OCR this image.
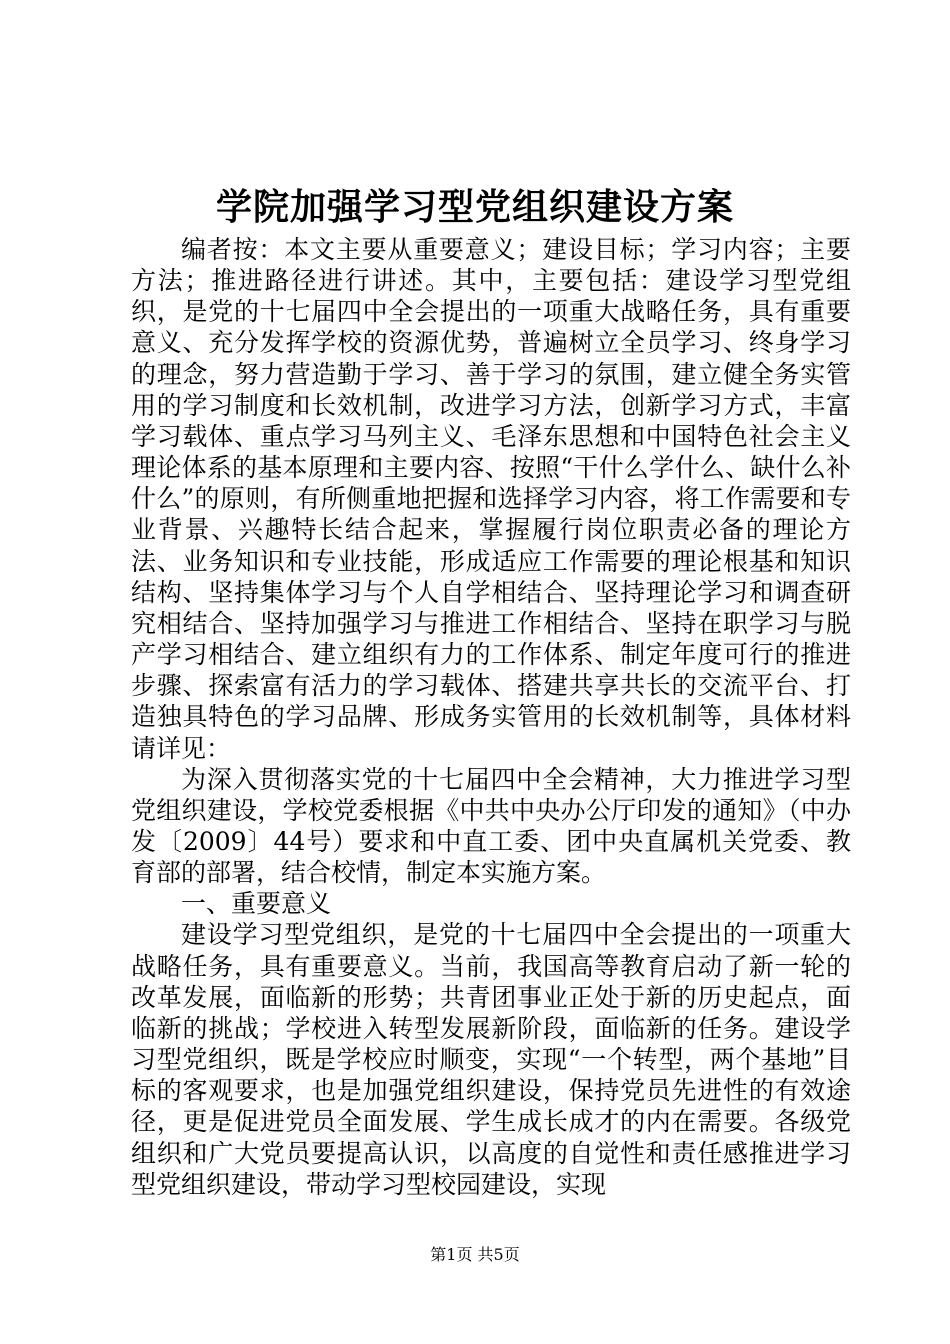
学院加强学习型党组织建设方案

编者按：本文主要从重要意义；建设目标；学习内容；主要方法；推进路径进行讲述。其中，主要包括：建设学习型党组织，是党的十七届四中全会提出的一项重大战略任务，具有重要意义、充分发挥学校的资源优势，普遍树立全员学习、终身学习的理念，努力营造勤于学习、善于学习的氛围，建立健全务实管用的学习制度和长效机制，改进学习方法，创新学习方式，丰富学习载体、重点学习马列主义、毛泽东思想和中国特色社会主义理论体系的基本原理和主要内容、按照“干什么学什么、缺什么补什么”的原则，有所侧重地把握和选择学习内容，将工作需要和专业背景、兴趣特长结合起来，掌握履行岗位职责必备的理论方法、业务知识和专业技能，形成适应工作需要的理论根基和知识结构、坚持集体学习与个人自学相结合、坚持理论学习和调查研究相结合、坚持加强学习与推进工作相结合、坚持在职学习与脱产学习相结合、建立组织有力的工作体系、制定年度可行的推进步骤、探索富有活力的学习载体、搭建共享共长的交流平台、打造独具特色的学习品牌、形成务实管用的长效机制等，具体材料请详见：

为深入贯彻落实党的十七届四中全会精神，大力推进学习型党组织建设，学校党委根据《中共中央办公厅印发的通知》（中办发〔2009〕44号）要求和中直工委、团中央直属机关党委、教育部的部署，结合校情，制定本实施方案。

一、重要意义

建设学习型党组织，是党的十七届四中全会提出的一项重大战略任务，具有重要意义。当前，我国高等教育启动了新一轮的改革发展，面临新的形势；共青团事业正处于新的历史起点，面临新的挑战；学校进入转型发展新阶段，面临新的任务。建设学习型党组织，既是学校应时顺变，实现“一个转型，两个基地”目标的客观要求，也是加强党组织建设，保持党员先进性的有效途径，更是促进党员全面发展、学生成长成才的内在需要。各级党组织和广大党员要提高认识，以高度的自觉性和责任感推进学习型党组织建设，带动学习型校园建设，实现

第1页 共5页
